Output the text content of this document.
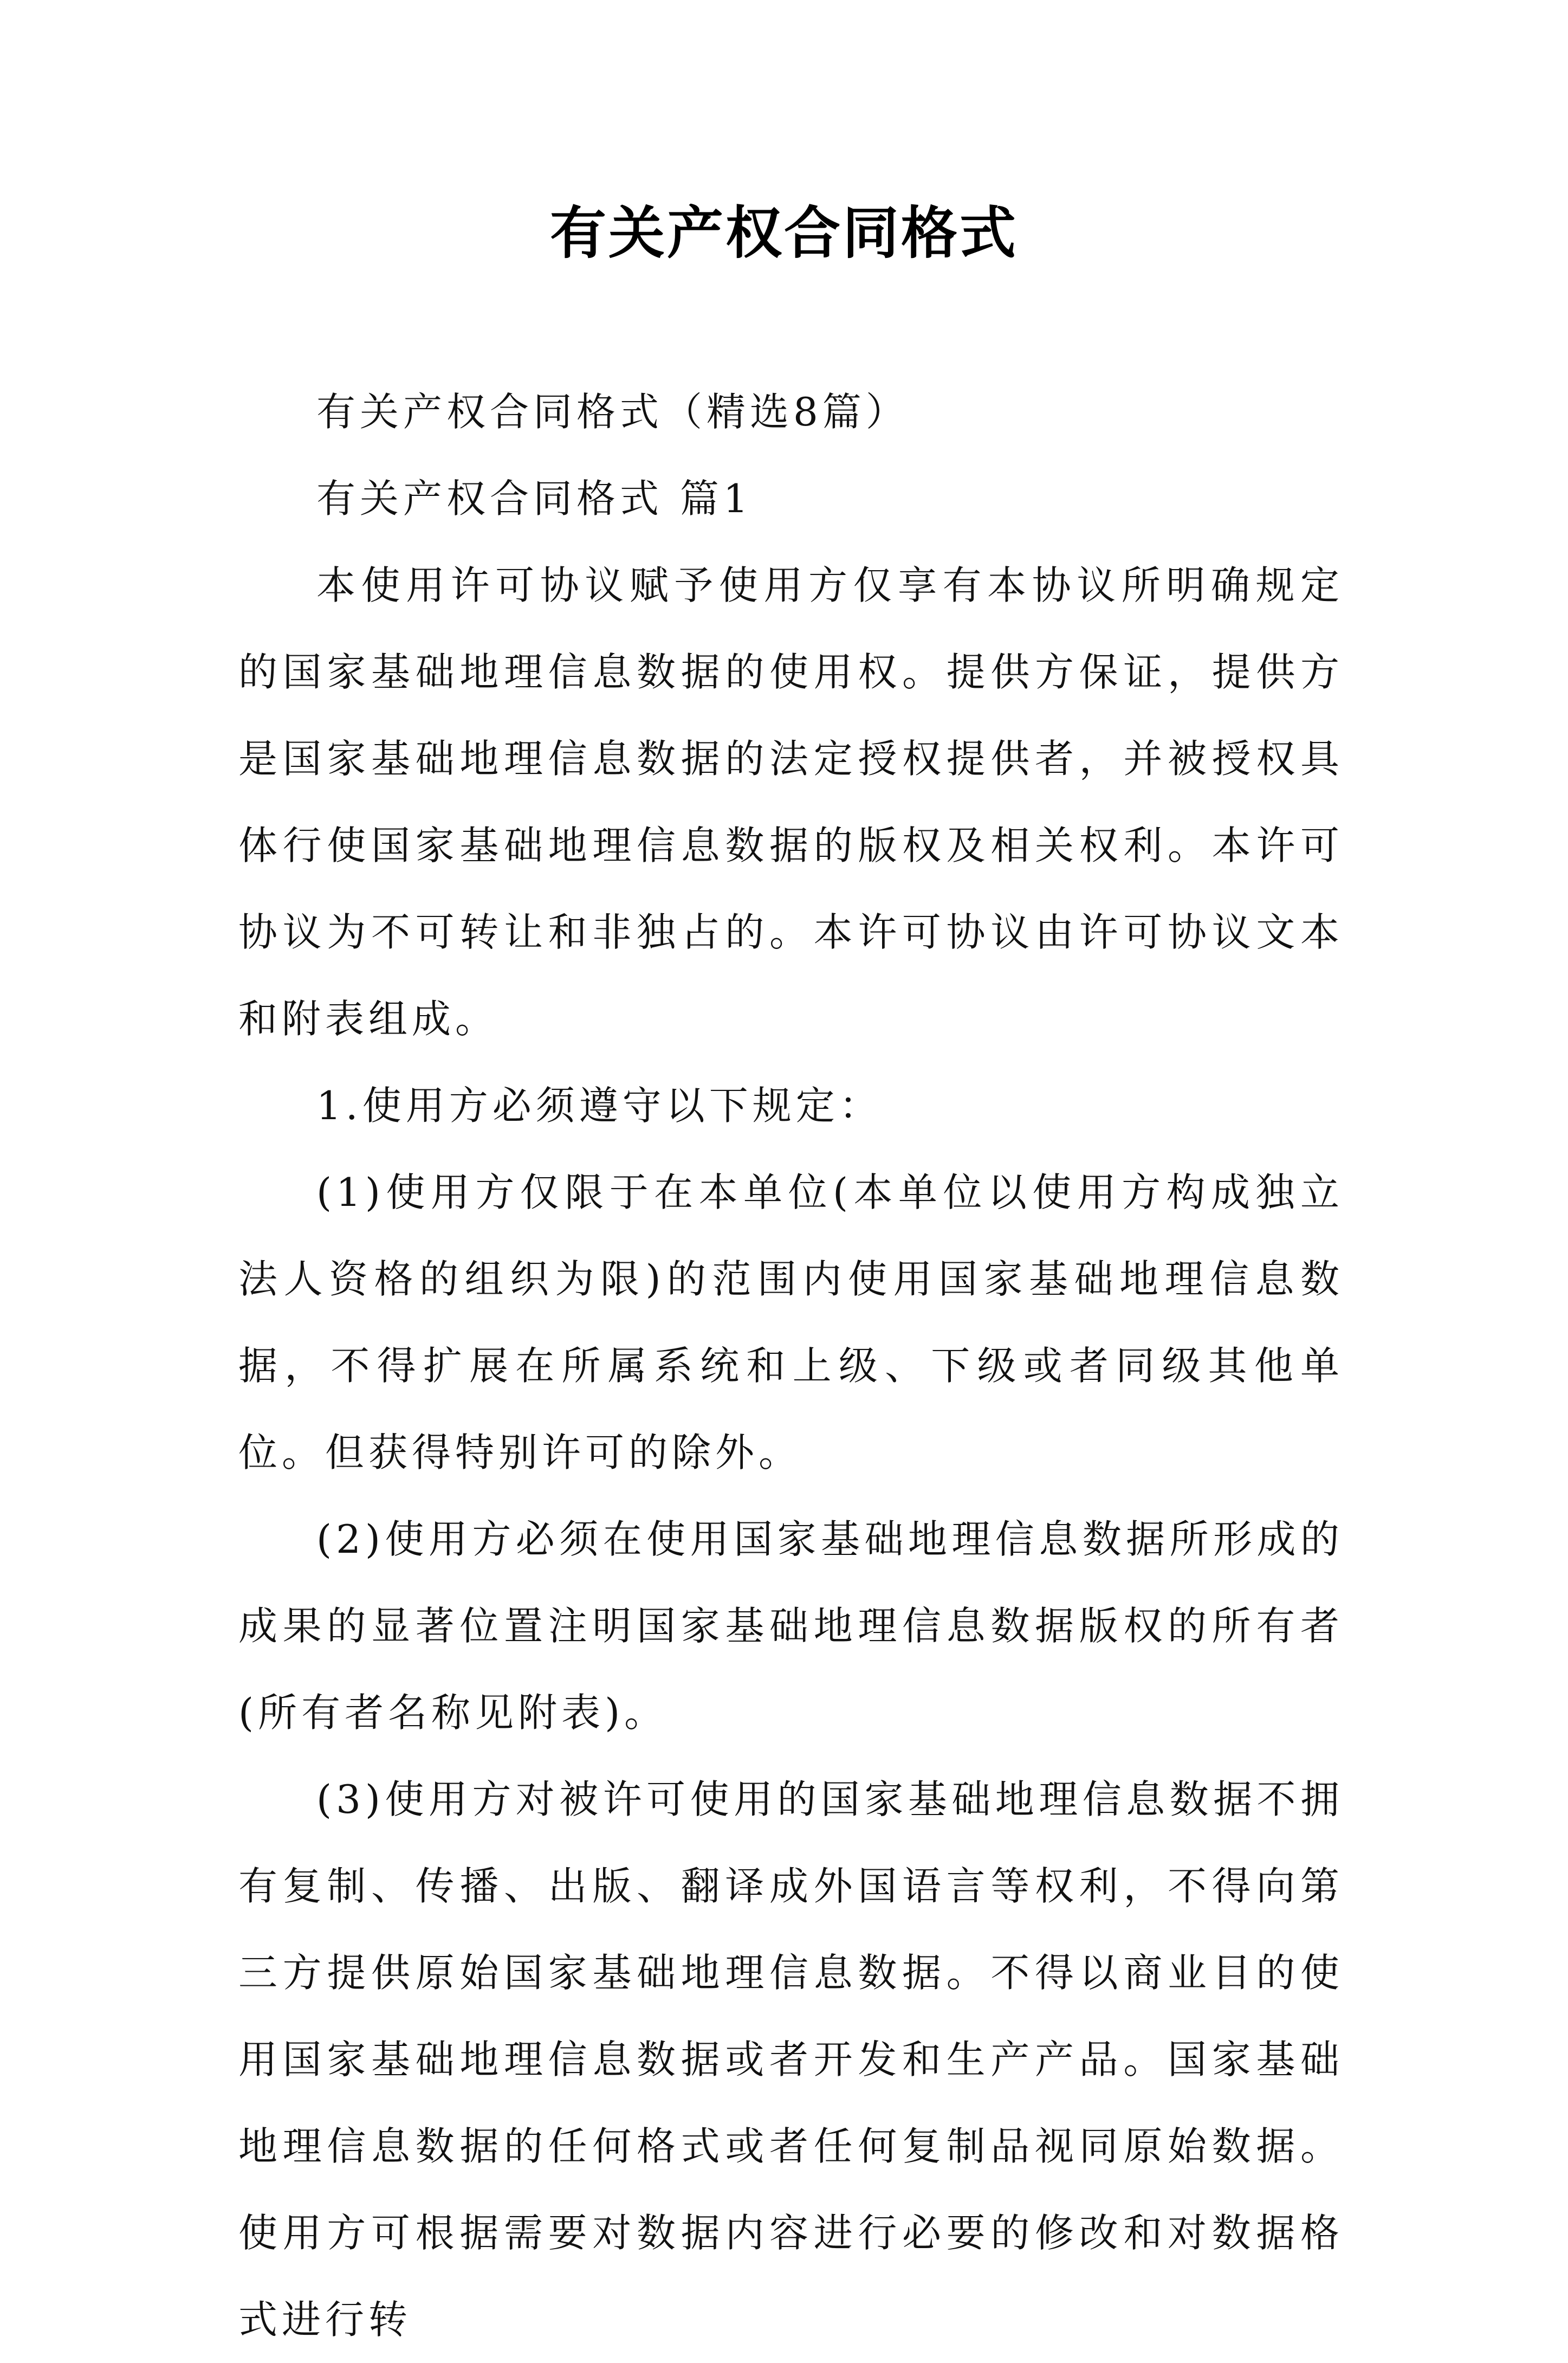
有关产权合同格式

有关产权合同格式（精选8篇）

有关产权合同格式 篇1

本使用许可协议赋予使用方仅享有本协议所明确规定的国家基础地理信息数据的使用权。提供方保证，提供方是国家基础地理信息数据的法定授权提供者，并被授权具体行使国家基础地理信息数据的版权及相关权利。本许可协议为不可转让和非独占的。本许可协议由许可协议文本和附表组成。

1.使用方必须遵守以下规定：

(1)使用方仅限于在本单位(本单位以使用方构成独立法人资格的组织为限)的范围内使用国家基础地理信息数据，不得扩展在所属系统和上级、下级或者同级其他单位。但获得特别许可的除外。

(2)使用方必须在使用国家基础地理信息数据所形成的成果的显著位置注明国家基础地理信息数据版权的所有者(所有者名称见附表)。

(3)使用方对被许可使用的国家基础地理信息数据不拥有复制、传播、出版、翻译成外国语言等权利，不得向第三方提供原始国家基础地理信息数据。不得以商业目的使用国家基础地理信息数据或者开发和生产产品。国家基础地理信息数据的任何格式或者任何复制品视同原始数据。使用方可根据需要对数据内容进行必要的修改和对数据格式进行转
